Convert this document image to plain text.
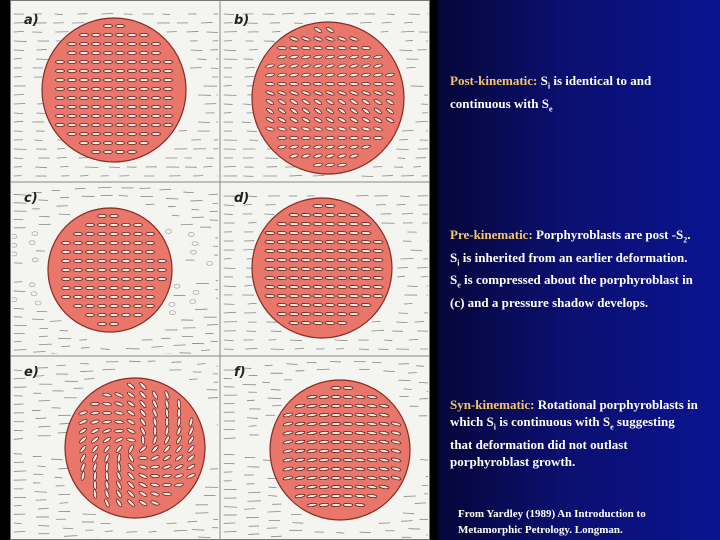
a)	b)
c)	d)
e)	f)
Post-kinematic: $S_i$ is identical to and continuous with $S_e$
Pre-kinematic: Porphyroblasts are post $-S_2$. $S_i$ is inherited from an earlier deformation. $S_e$ is compressed about the porphyroblast in (c) and a pressure shadow develops.
Syn-kinematic: Rotational porphyroblasts in which $S_i$ is continuous with $S_e$ suggesting that deformation did not outlast porphyroblast growth.
From Yardley (1989) An Introduction to Metamorphic Petrology. Longman.
